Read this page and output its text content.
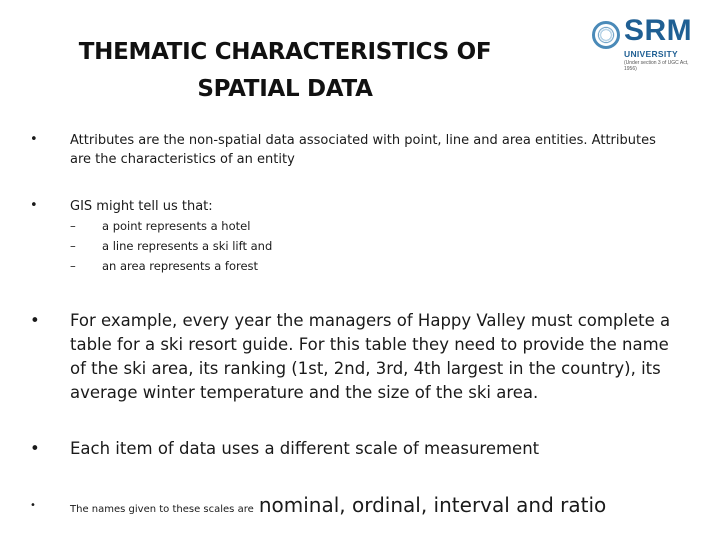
THEMATIC CHARACTERISTICS OF SPATIAL DATA
SRM
UNIVERSITY
(Under section 3 of UGC Act, 1956)
• Attributes are the non-spatial data associated with point, line and area entities. Attributes are the characteristics of an entity
• GIS might tell us that:
– a point represents a hotel
– a line represents a ski lift and
– an area represents a forest
• For example, every year the managers of Happy Valley must complete a table for a ski resort guide. For this table they need to provide the name of the ski area, its ranking (1st, 2nd, 3rd, 4th largest in the country), its average winter temperature and the size of the ski area.
• Each item of data uses a different scale of measurement
•	The names given to these scales are nominal, ordinal, interval and ratio
